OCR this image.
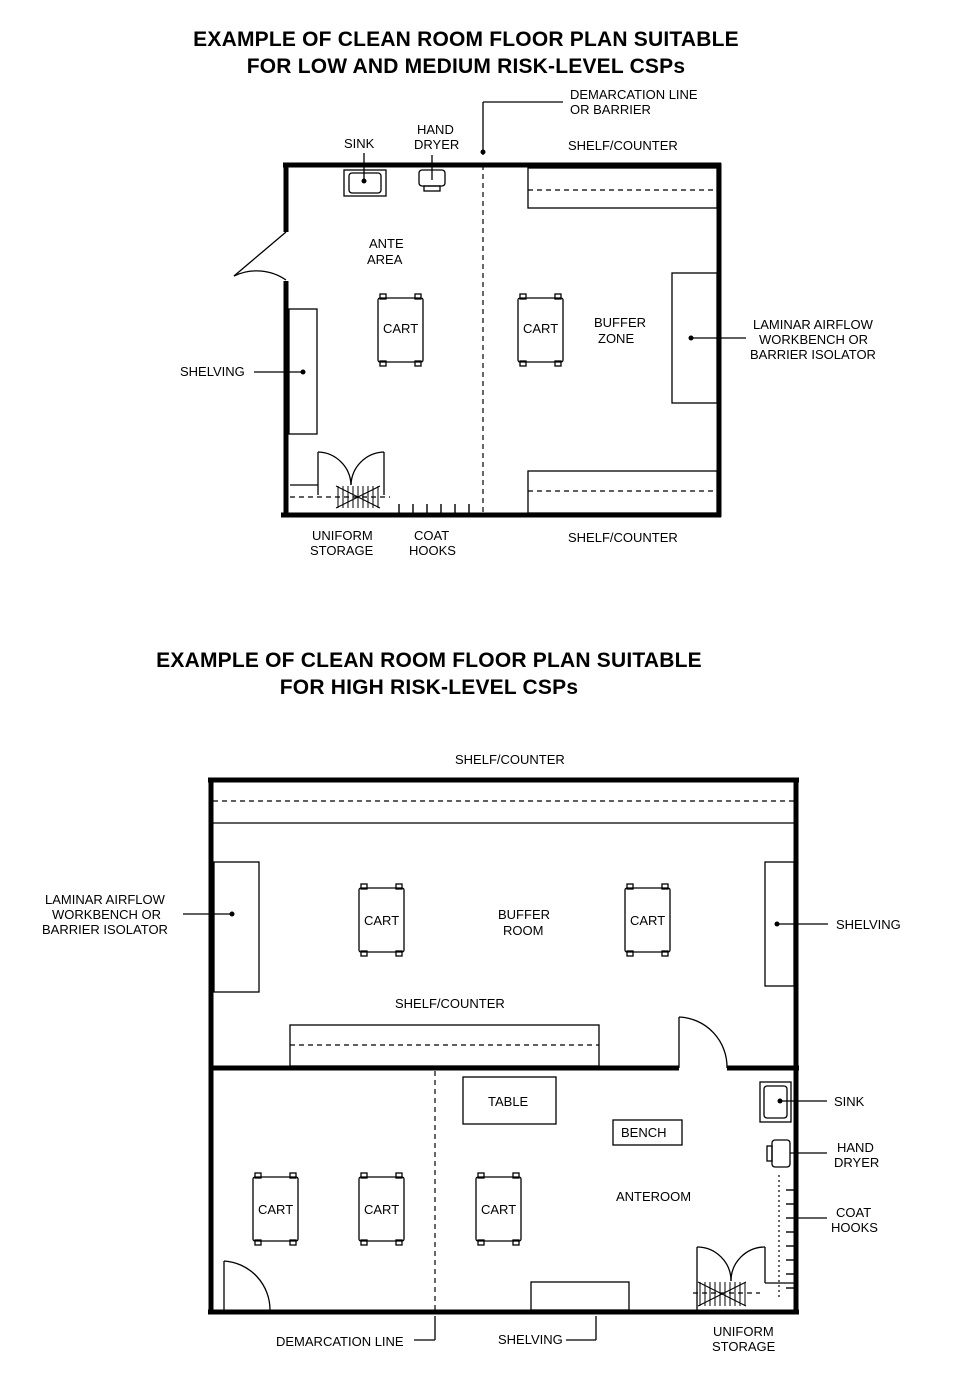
EXAMPLE OF CLEAN ROOM FLOOR PLAN SUITABLE
FOR LOW AND MEDIUM RISK-LEVEL CSPs
EXAMPLE OF CLEAN ROOM FLOOR PLAN SUITABLE
FOR HIGH RISK-LEVEL CSPs
DEMARCATION LINE
OR BARRIER
SINK
HAND
DRYER	SHELF/COUNTER
ANTE
AREA
CART	CART	BUFFER
ZONE
LAMINAR AIRFLOW
WORKBENCH OR
BARRIER ISOLATOR
SHELVING
UNIFORM
STORAGE
COAT
HOOKS
SHELF/COUNTER
SHELF/COUNTER
LAMINAR AIRFLOW
WORKBENCH OR
BARRIER ISOLATOR
CART	BUFFER
ROOM
CART	SHELVING
SHELF/COUNTER
TABLE	SINK
BENCH
HAND
DRYER
CART	CART	CART
ANTEROOM
COAT
HOOKS
DEMARCATION LINE	SHELVING
UNIFORM
STORAGE
